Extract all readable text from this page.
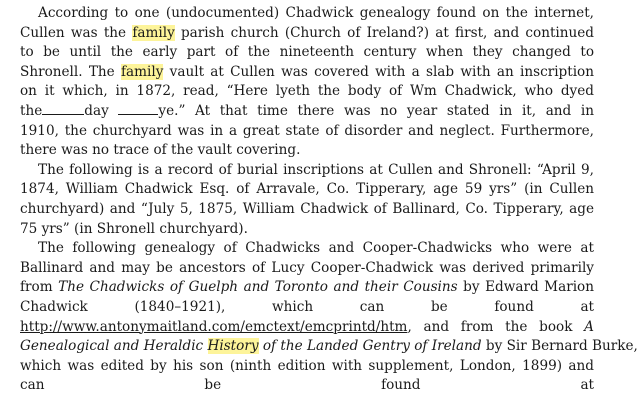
According to one (undocumented) Chadwick genealogy found on the internet,
Cullen was the family parish church (Church of Ireland?) at first, and continued
to be until the early part of the nineteenth century when they changed to
Shronell. The family vault at Cullen was covered with a slab with an inscription
on it which, in 1872, read, “Here lyeth the body of Wm Chadwick, who dyed
the	day	ye.” At that time there was no year stated in it, and in
1910, the churchyard was in a great state of disorder and neglect. Furthermore,
there was no trace of the vault covering.
The following is a record of burial inscriptions at Cullen and Shronell: “April 9,
1874, William Chadwick Esq. of Arravale, Co. Tipperary, age 59 yrs” (in Cullen
churchyard) and “July 5, 1875, William Chadwick of Ballinard, Co. Tipperary, age
75 yrs” (in Shronell churchyard).
The following genealogy of Chadwicks and Cooper-Chadwicks who were at
Ballinard and may be ancestors of Lucy Cooper-Chadwick was derived primarily
from The Chadwicks of Guelph and Toronto and their Cousins by Edward Marion
Chadwick	(1840–1921),	which	can	be	found	at
http://www.antonymaitland.com/emctext/emcprintd/htm, and from the book A
Genealogical and Heraldic History of the Landed Gentry of Ireland by Sir Bernard Burke,
which was edited by his son (ninth edition with supplement, London, 1899) and
can	be	found	at
